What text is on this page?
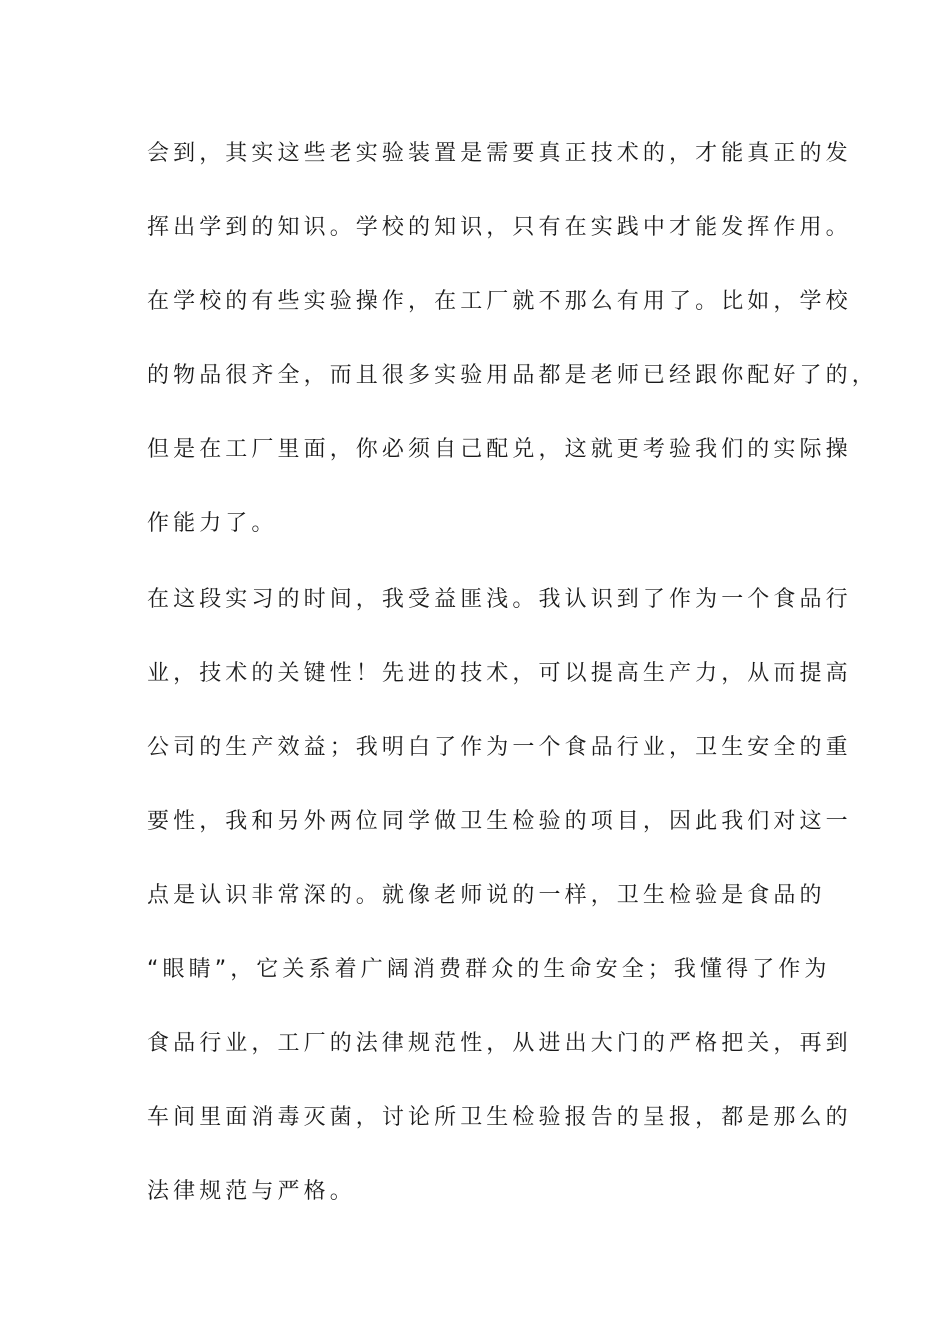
会到，其实这些老实验装置是需要真正技术的，才能真正的发
挥出学到的知识。学校的知识，只有在实践中才能发挥作用。
在学校的有些实验操作，在工厂就不那么有用了。比如，学校
的物品很齐全，而且很多实验用品都是老师已经跟你配好了的，
但是在工厂里面，你必须自己配兑，这就更考验我们的实际操
作能力了。
在这段实习的时间，我受益匪浅。我认识到了作为一个食品行
业，技术的关键性！先进的技术，可以提高生产力，从而提高
公司的生产效益；我明白了作为一个食品行业，卫生安全的重
要性，我和另外两位同学做卫生检验的项目，因此我们对这一
点是认识非常深的。就像老师说的一样，卫生检验是食品的
“眼睛”，它关系着广阔消费群众的生命安全；我懂得了作为
食品行业，工厂的法律规范性，从进出大门的严格把关，再到
车间里面消毒灭菌，讨论所卫生检验报告的呈报，都是那么的
法律规范与严格。
